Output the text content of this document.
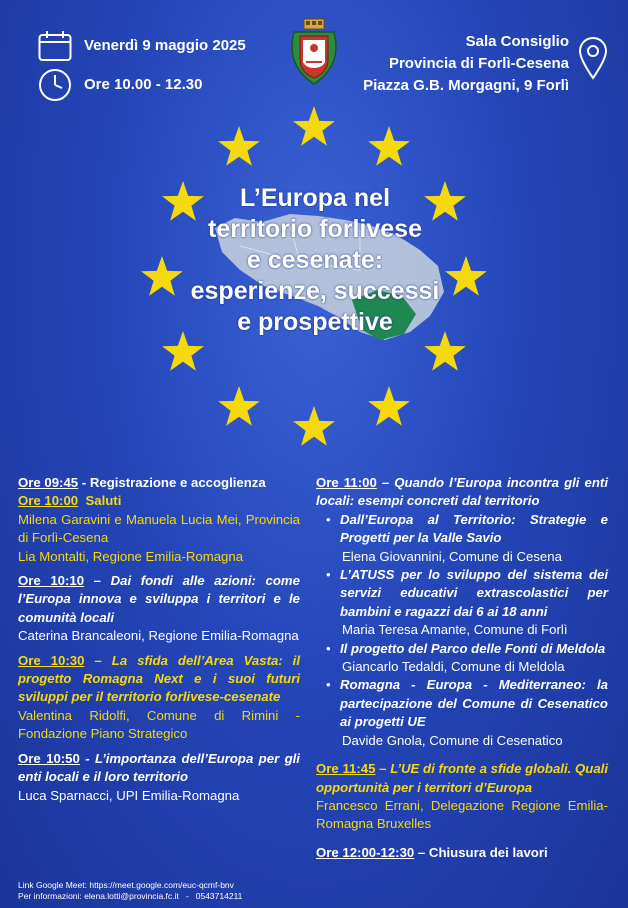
Venerdì 9 maggio 2025
Ore 10.00 - 12.30
Sala Consiglio
Provincia di Forlì-Cesena
Piazza G.B. Morgagni, 9 Forlì
L’Europa nel
territorio forlivese
e cesenate:
esperienze, successi
e prospettive

Ore 09:45 - Registrazione e accoglienza

Ore 10:00 Saluti

Milena Garavini e Manuela Lucia Mei, Provincia di Forlì-Cesena

Lia Montalti, Regione Emilia-Romagna

Ore 10:10 – Dai fondi alle azioni: come l’Europa innova e sviluppa i territori e le comunità locali

Caterina Brancaleoni, Regione Emilia-Romagna

Ore 10:30 – La sfida dell’Area Vasta: il progetto Romagna Next e i suoi futuri sviluppi per il territorio forlivese-cesenate

Valentina Ridolfi, Comune di Rimini - Fondazione Piano Strategico

Ore 10:50 - L’importanza dell’Europa per gli enti locali e il loro territorio

Luca Sparnacci, UPI Emilia-Romagna

Ore 11:00 – Quando l’Europa incontra gli enti locali: esempi concreti dal territorio

• Dall’Europa al Territorio: Strategie e Progetti per la Valle Savio

Elena Giovannini, Comune di Cesena

• L’ATUSS per lo sviluppo del sistema dei servizi educativi extrascolastici per bambini e ragazzi dai 6 ai 18 anni

Maria Teresa Amante, Comune di Forlì

• Il progetto del Parco delle Fonti di Meldola

Giancarlo Tedaldi, Comune di Meldola

• Romagna - Europa - Mediterraneo: la partecipazione del Comune di Cesenatico ai progetti UE

Davide Gnola, Comune di Cesenatico

Ore 11:45 – L’UE di fronte a sfide globali. Quali opportunità per i territori d’Europa

Francesco Errani, Delegazione Regione Emilia-Romagna Bruxelles

Ore 12:00-12:30 – Chiusura dei lavori

Link Google Meet: https://meet.google.com/euc-qcmf-bnv
Per informazioni: elena.lotti@provincia.fc.it   -   0543714211
